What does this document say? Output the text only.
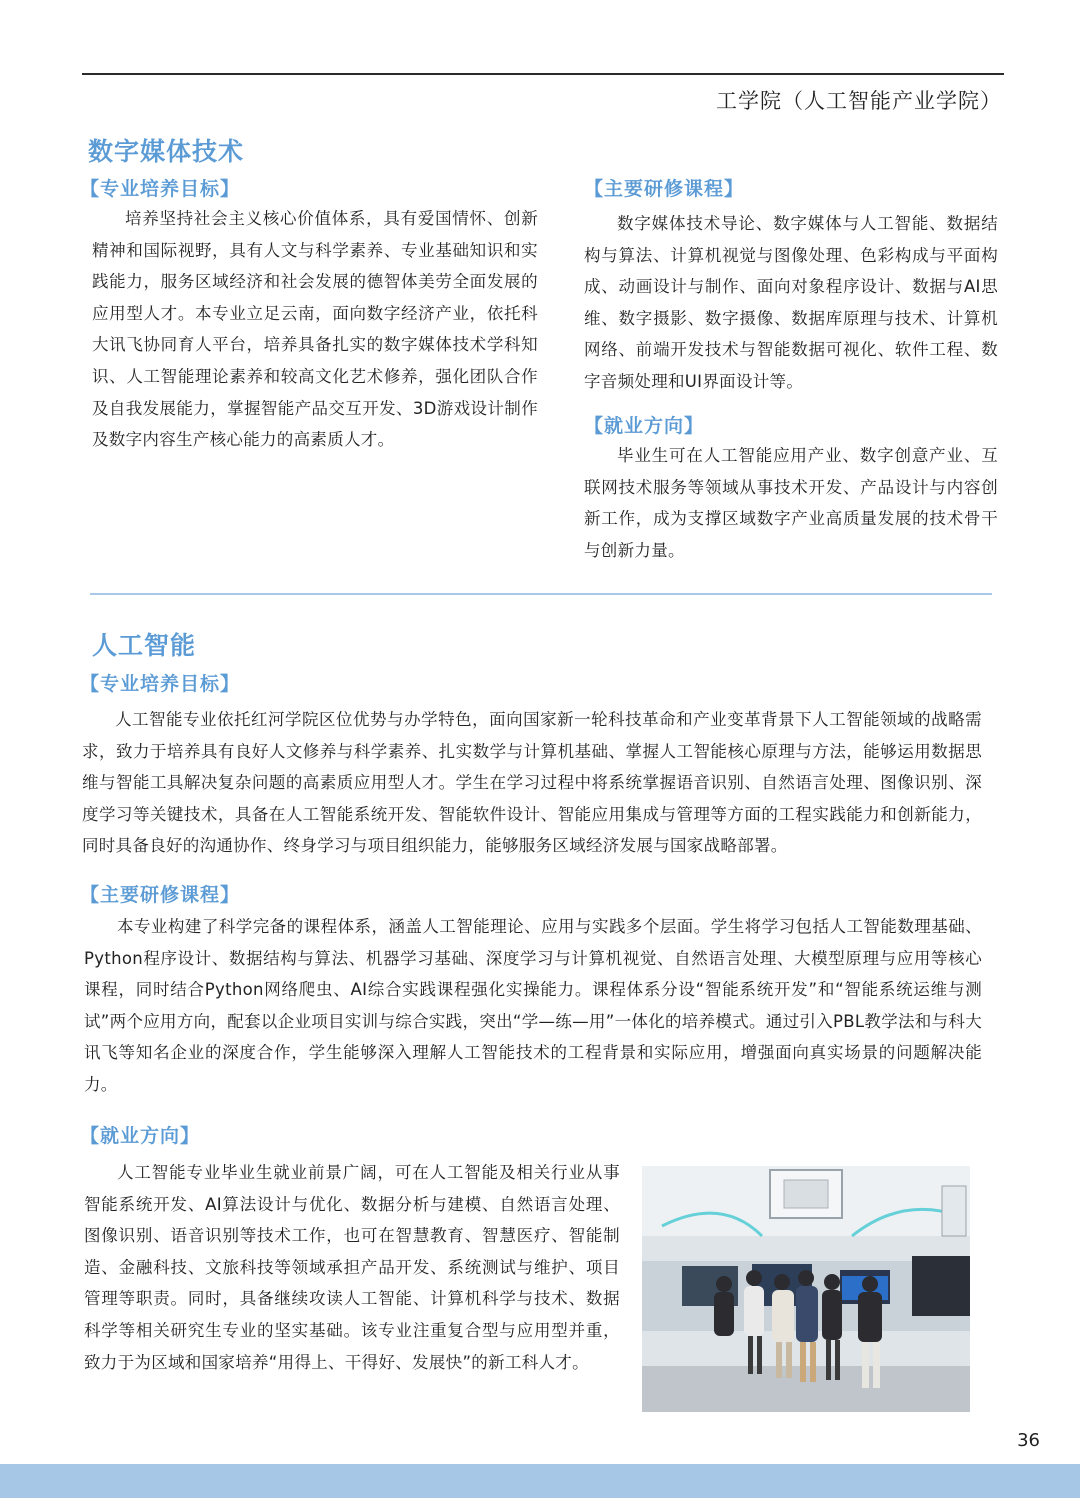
工学院（人工智能产业学院）
数字媒体技术
【专业培养目标】
培养坚持社会主义核心价值体系，具有爱国情怀、创新精神和国际视野，具有人文与科学素养、专业基础知识和实践能力，服务区域经济和社会发展的德智体美劳全面发展的应用型人才。本专业立足云南，面向数字经济产业，依托科大讯飞协同育人平台，培养具备扎实的数字媒体技术学科知识、人工智能理论素养和较高文化艺术修养，强化团队合作及自我发展能力，掌握智能产品交互开发、3D游戏设计制作及数字内容生产核心能力的高素质人才。
【主要研修课程】
数字媒体技术导论、数字媒体与人工智能、数据结构与算法、计算机视觉与图像处理、色彩构成与平面构成、动画设计与制作、面向对象程序设计、数据与AI思维、数字摄影、数字摄像、数据库原理与技术、计算机网络、前端开发技术与智能数据可视化、软件工程、数字音频处理和UI界面设计等。
【就业方向】
毕业生可在人工智能应用产业、数字创意产业、互联网技术服务等领域从事技术开发、产品设计与内容创新工作，成为支撑区域数字产业高质量发展的技术骨干与创新力量。
人工智能
【专业培养目标】
人工智能专业依托红河学院区位优势与办学特色，面向国家新一轮科技革命和产业变革背景下人工智能领域的战略需求，致力于培养具有良好人文修养与科学素养、扎实数学与计算机基础、掌握人工智能核心原理与方法，能够运用数据思维与智能工具解决复杂问题的高素质应用型人才。学生在学习过程中将系统掌握语音识别、自然语言处理、图像识别、深度学习等关键技术，具备在人工智能系统开发、智能软件设计、智能应用集成与管理等方面的工程实践能力和创新能力，同时具备良好的沟通协作、终身学习与项目组织能力，能够服务区域经济发展与国家战略部署。
【主要研修课程】
本专业构建了科学完备的课程体系，涵盖人工智能理论、应用与实践多个层面。学生将学习包括人工智能数理基础、Python程序设计、数据结构与算法、机器学习基础、深度学习与计算机视觉、自然语言处理、大模型原理与应用等核心课程，同时结合Python网络爬虫、AI综合实践课程强化实操能力。课程体系分设“智能系统开发”和“智能系统运维与测试”两个应用方向，配套以企业项目实训与综合实践，突出“学—练—用”一体化的培养模式。通过引入PBL教学法和与科大讯飞等知名企业的深度合作，学生能够深入理解人工智能技术的工程背景和实际应用，增强面向真实场景的问题解决能力。
【就业方向】
人工智能专业毕业生就业前景广阔，可在人工智能及相关行业从事智能系统开发、AI算法设计与优化、数据分析与建模、自然语言处理、图像识别、语音识别等技术工作，也可在智慧教育、智慧医疗、智能制造、金融科技、文旅科技等领域承担产品开发、系统测试与维护、项目管理等职责。同时，具备继续攻读人工智能、计算机科学与技术、数据科学等相关研究生专业的坚实基础。该专业注重复合型与应用型并重，致力于为区域和国家培养“用得上、干得好、发展快”的新工科人才。
36
